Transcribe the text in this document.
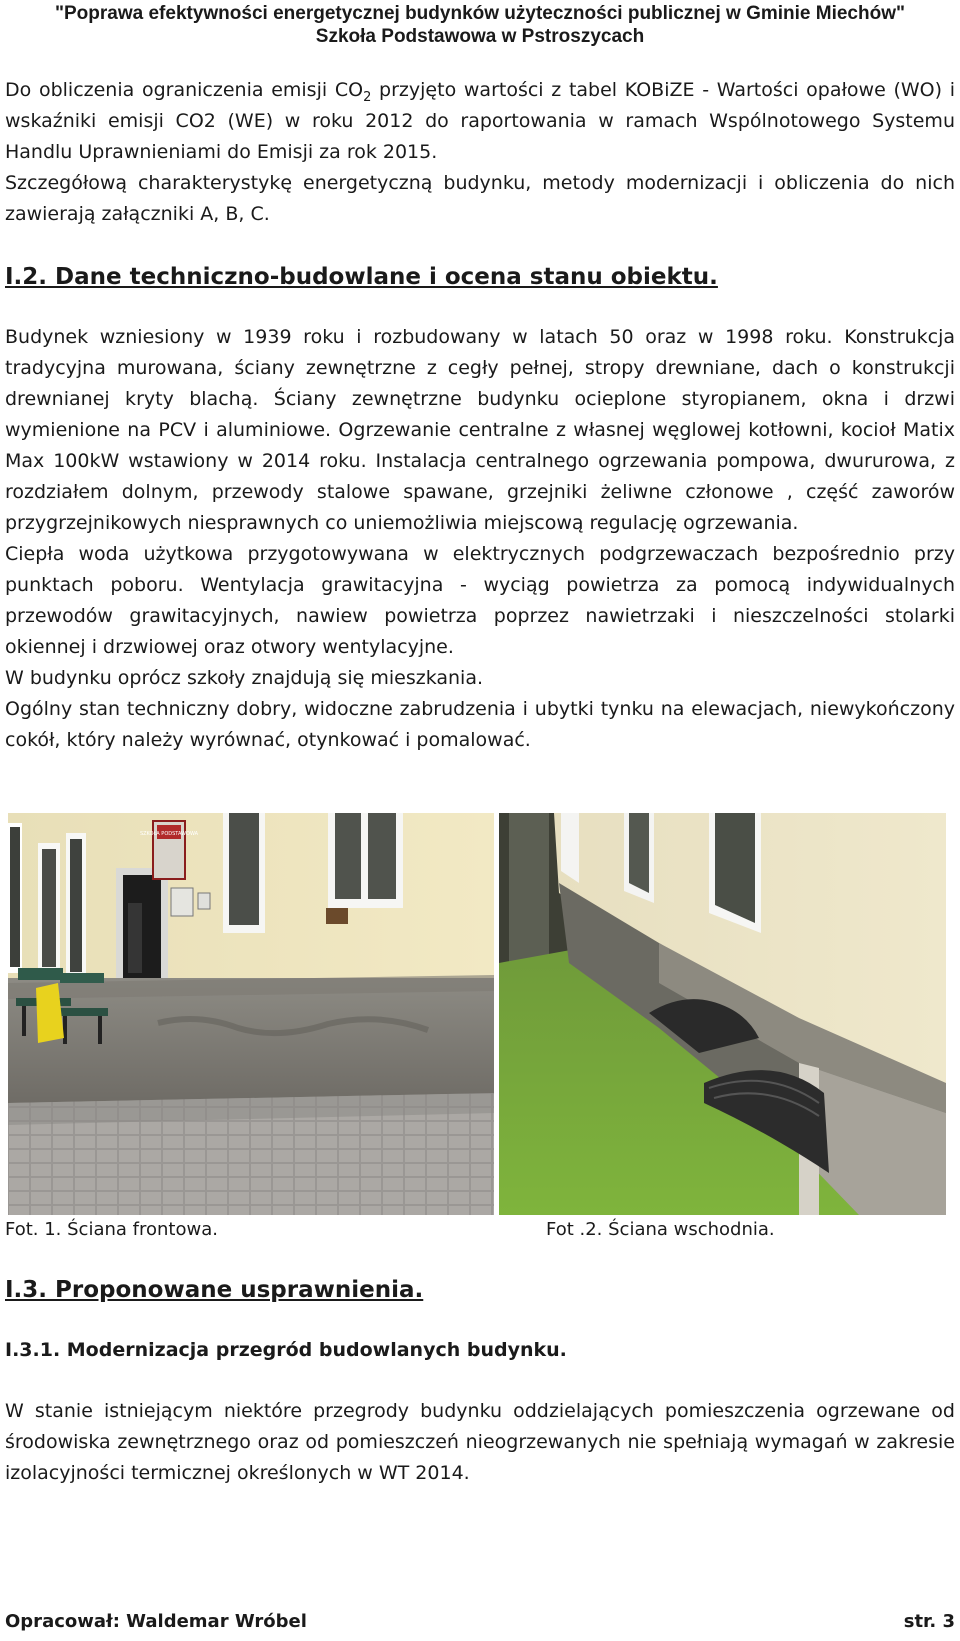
"Poprawa efektywności energetycznej budynków użyteczności publicznej w Gminie Miechów"
Szkoła Podstawowa w Pstroszycach

Do obliczenia ograniczenia emisji $CO_2$ przyjęto wartości z tabel KOBiZE - Wartości opałowe (WO) i wskaźniki emisji CO2 (WE) w roku 2012 do raportowania w ramach Wspólnotowego Systemu Handlu Uprawnieniami do Emisji za rok 2015.

Szczegółową charakterystykę energetyczną budynku, metody modernizacji i obliczenia do nich zawierają załączniki A, B, C.

I.2. Dane techniczno-budowlane i ocena stanu obiektu.

Budynek wzniesiony w 1939 roku i rozbudowany w latach 50 oraz w 1998 roku. Konstrukcja tradycyjna murowana, ściany zewnętrzne z cegły pełnej, stropy drewniane, dach o konstrukcji drewnianej kryty blachą. Ściany zewnętrzne budynku ocieplone styropianem, okna i drzwi wymienione na PCV i aluminiowe. Ogrzewanie centralne z własnej węglowej kotłowni, kocioł Matix Max 100kW wstawiony w 2014 roku. Instalacja centralnego ogrzewania pompowa, dwururowa, z rozdziałem dolnym, przewody stalowe spawane, grzejniki żeliwne członowe , część zaworów przygrzejnikowych niesprawnych co uniemożliwia miejscową regulację ogrzewania.

Ciepła woda użytkowa przygotowywana w elektrycznych podgrzewaczach bezpośrednio przy punktach poboru. Wentylacja grawitacyjna - wyciąg powietrza za pomocą indywidualnych przewodów grawitacyjnych, nawiew powietrza poprzez nawietrzaki i nieszczelności stolarki okiennej i drzwiowej oraz otwory wentylacyjne.

W budynku oprócz szkoły znajdują się mieszkania.

Ogólny stan techniczny dobry, widoczne zabrudzenia i ubytki tynku na elewacjach, niewykończony cokół, który należy wyrównać, otynkować i pomalować.

SZKOŁA PODSTAWOWA
Fot. 1. Ściana frontowa.	Fot .2. Ściana wschodnia.
I.3. Proponowane usprawnienia.
I.3.1. Modernizacja przegród budowlanych budynku.

W stanie istniejącym niektóre przegrody budynku oddzielających pomieszczenia ogrzewane od środowiska zewnętrznego oraz od pomieszczeń nieogrzewanych nie spełniają wymagań w zakresie izolacyjności termicznej określonych w WT 2014.

Opracował: Waldemar Wróbel	str. 3
